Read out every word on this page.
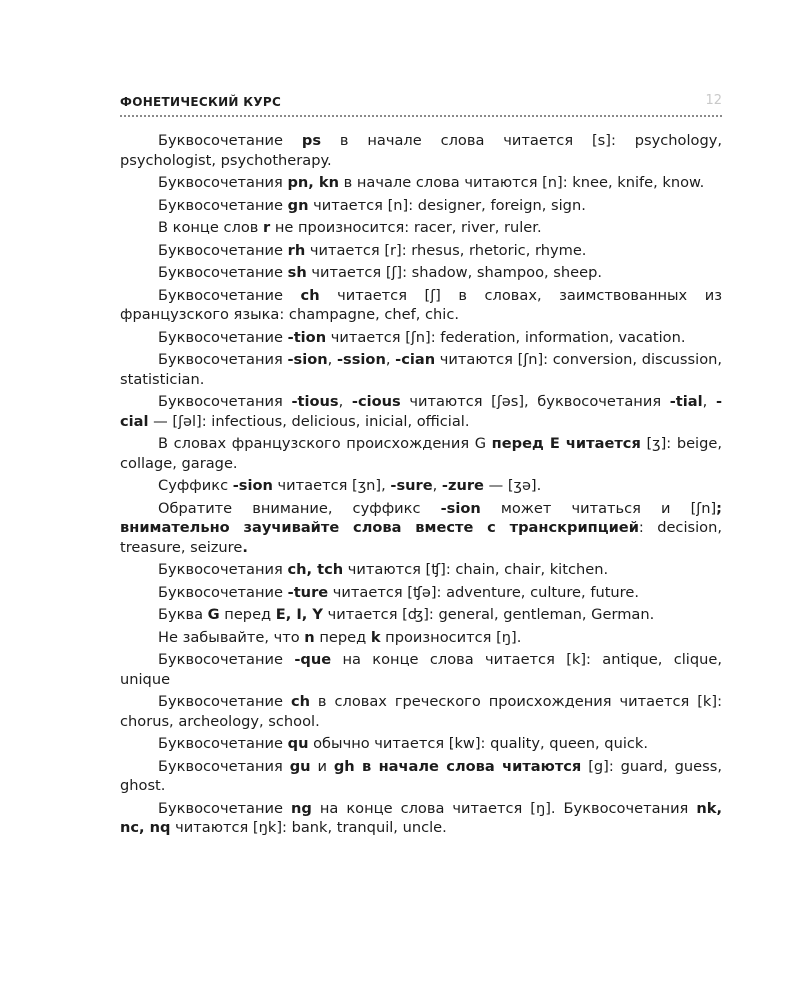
ФОНЕТИЧЕСКИЙ КУРС	12

Буквосочетание ps в начале слова читается [s]: psychology, psychologist, psychotherapy.

Буквосочетания pn, kn в начале слова читаются [n]: knee, knife, know.

Буквосочетание gn читается [n]: designer, foreign, sign.

В конце слов r не произносится: racer, river, ruler.

Буквосочетание rh читается [r]: rhesus, rhetoric, rhyme.

Буквосочетание sh читается [ʃ]: shadow, shampoo, sheep.

Буквосочетание ch читается [ʃ] в словах, заимствованных из французского языка: champagne, chef, chic.

Буквосочетание -tion читается [ʃn]: federation, information, vacation.

Буквосочетания -sion, -ssion, -cian читаются [ʃn]: conversion, discussion, statistician.

Буквосочетания -tious, -cious читаются [ʃəs], буквосочетания -tial, -cial — [ʃəl]: infectious, delicious, inicial, official.

В словах французского происхождения G перед E читается [ʒ]: beige, collage, garage.

Суффикс -sion читается [ʒn], -sure, -zure — [ʒə].

Обратите внимание, суффикс -sion может читаться и [ʃn]; внимательно заучивайте слова вместе с транскрипцией: decision, treasure, seizure.

Буквосочетания ch, tch читаются [ʧ]: chain, chair, kitchen.

Буквосочетание -ture читается [ʧə]: adventure, culture, future.

Буква G перед E, I, Y читается [ʤ]: general, gentleman, German.

Не забывайте, что n перед k произносится [ŋ].

Буквосочетание -que на конце слова читается [k]: antique, clique, unique

Буквосочетание ch в словах греческого происхождения читается [k]: chorus, archeology, school.

Буквосочетание qu обычно читается [kw]: quality, queen, quick.

Буквосочетания gu и gh в начале слова читаются [g]: guard, guess, ghost.

Буквосочетание ng на конце слова читается [ŋ]. Буквосочетания nk, nc, nq читаются [ŋk]: bank, tranquil, uncle.
